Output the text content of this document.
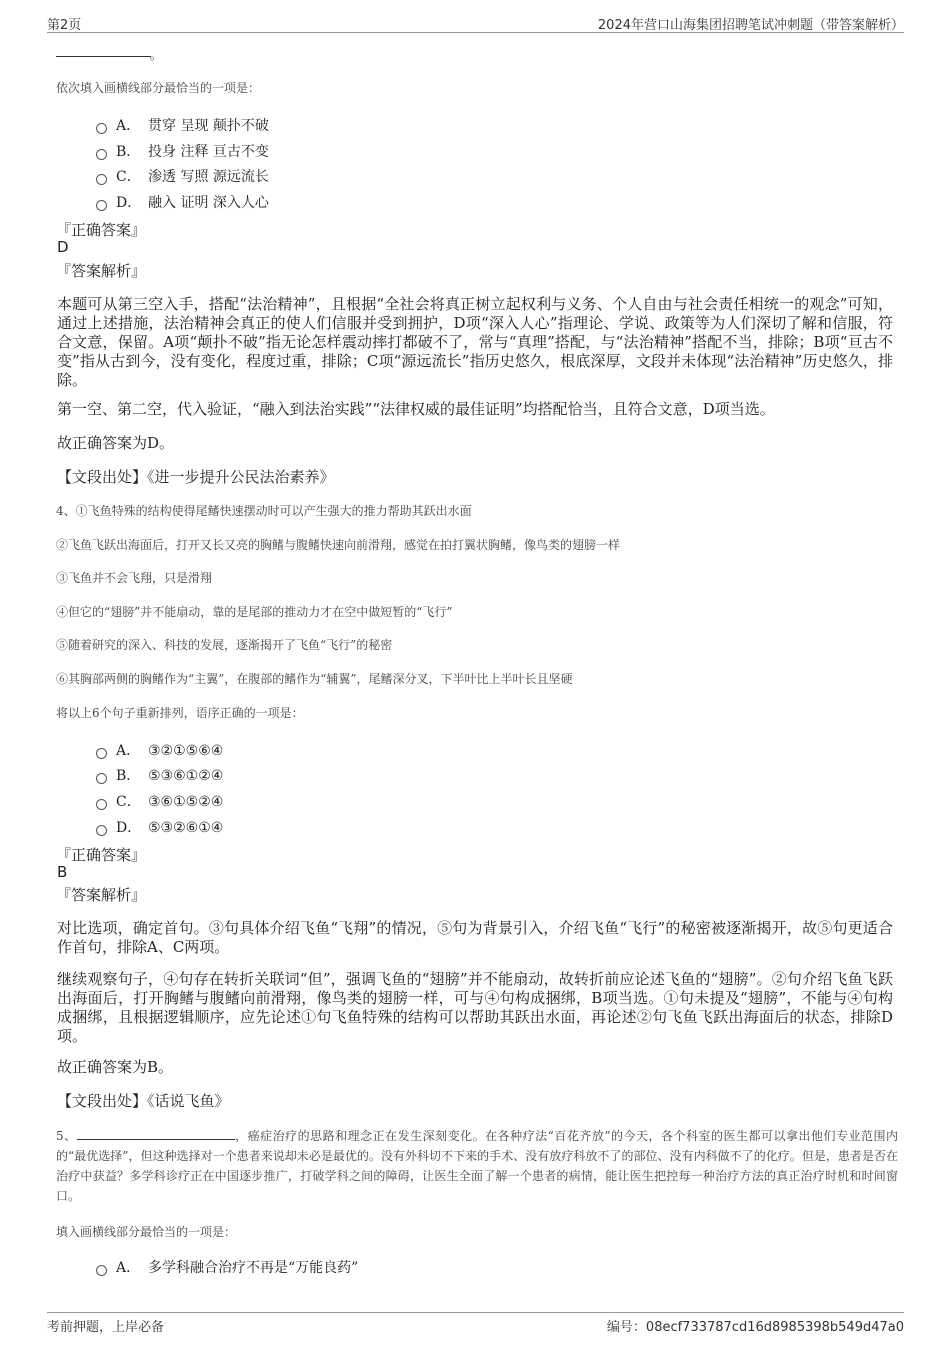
第2页	2024年营口山海集团招聘笔试冲刺题（带答案解析）
。
依次填入画横线部分最恰当的一项是：
A． 贯穿 呈现 颠扑不破
B． 投身 注释 亘古不变
C． 渗透 写照 源远流长
D． 融入 证明 深入人心
『正确答案』
D
『答案解析』
本题可从第三空入手，搭配“法治精神”，且根据“全社会将真正树立起权利与义务、个人自由与社会责任相统一的观念”可知，通过上述措施，法治精神会真正的使人们信服并受到拥护，D项“深入人心”指理论、学说、政策等为人们深切了解和信服，符合文意，保留。A项“颠扑不破”指无论怎样震动摔打都破不了，常与“真理”搭配，与“法治精神”搭配不当，排除；B项“亘古不变”指从古到今，没有变化，程度过重，排除；C项“源远流长”指历史悠久，根底深厚，文段并未体现“法治精神”历史悠久，排除。
第一空、第二空，代入验证，“融入到法治实践”“法律权威的最佳证明”均搭配恰当，且符合文意，D项当选。
故正确答案为D。
【文段出处】《进一步提升公民法治素养》
4、①飞鱼特殊的结构使得尾鳍快速摆动时可以产生强大的推力帮助其跃出水面
②飞鱼飞跃出海面后，打开又长又亮的胸鳍与腹鳍快速向前滑翔，感觉在拍打翼状胸鳍，像鸟类的翅膀一样
③飞鱼并不会飞翔，只是滑翔
④但它的“翅膀”并不能扇动，靠的是尾部的推动力才在空中做短暂的“飞行”
⑤随着研究的深入、科技的发展，逐渐揭开了飞鱼“飞行”的秘密
⑥其胸部两侧的胸鳍作为“主翼”，在腹部的鳍作为“辅翼”，尾鳍深分叉，下半叶比上半叶长且坚硬
将以上6个句子重新排列，语序正确的一项是：
A． ③②①⑤⑥④
B． ⑤③⑥①②④
C． ③⑥①⑤②④
D． ⑤③②⑥①④
『正确答案』
B
『答案解析』
对比选项，确定首句。③句具体介绍飞鱼“飞翔”的情况，⑤句为背景引入，介绍飞鱼“飞行”的秘密被逐渐揭开，故⑤句更适合作首句，排除A、C两项。
继续观察句子，④句存在转折关联词“但”，强调飞鱼的“翅膀”并不能扇动，故转折前应论述飞鱼的“翅膀”。②句介绍飞鱼飞跃出海面后，打开胸鳍与腹鳍向前滑翔，像鸟类的翅膀一样，可与④句构成捆绑，B项当选。①句未提及“翅膀”，不能与④句构成捆绑，且根据逻辑顺序，应先论述①句飞鱼特殊的结构可以帮助其跃出水面，再论述②句飞鱼飞跃出海面后的状态，排除D项。
故正确答案为B。
【文段出处】《话说飞鱼》
5、	，癌症治疗的思路和理念正在发生深刻变化。在各种疗法“百花齐放”的今天，各个科室的医生都可以拿出他们专业范围内的“最优选择”，但这种选择对一个患者来说却未必是最优的。没有外科切不下来的手术、没有放疗科放不了的部位、没有内科做不了的化疗。但是，患者是否在治疗中获益？多学科诊疗正在中国逐步推广，打破学科之间的障碍，让医生全面了解一个患者的病情，能让医生把控每一种治疗方法的真正治疗时机和时间窗口。
填入画横线部分最恰当的一项是：
A． 多学科融合治疗不再是“万能良药”
考前押题，上岸必备	编号：08ecf733787cd16d8985398b549d47a0
